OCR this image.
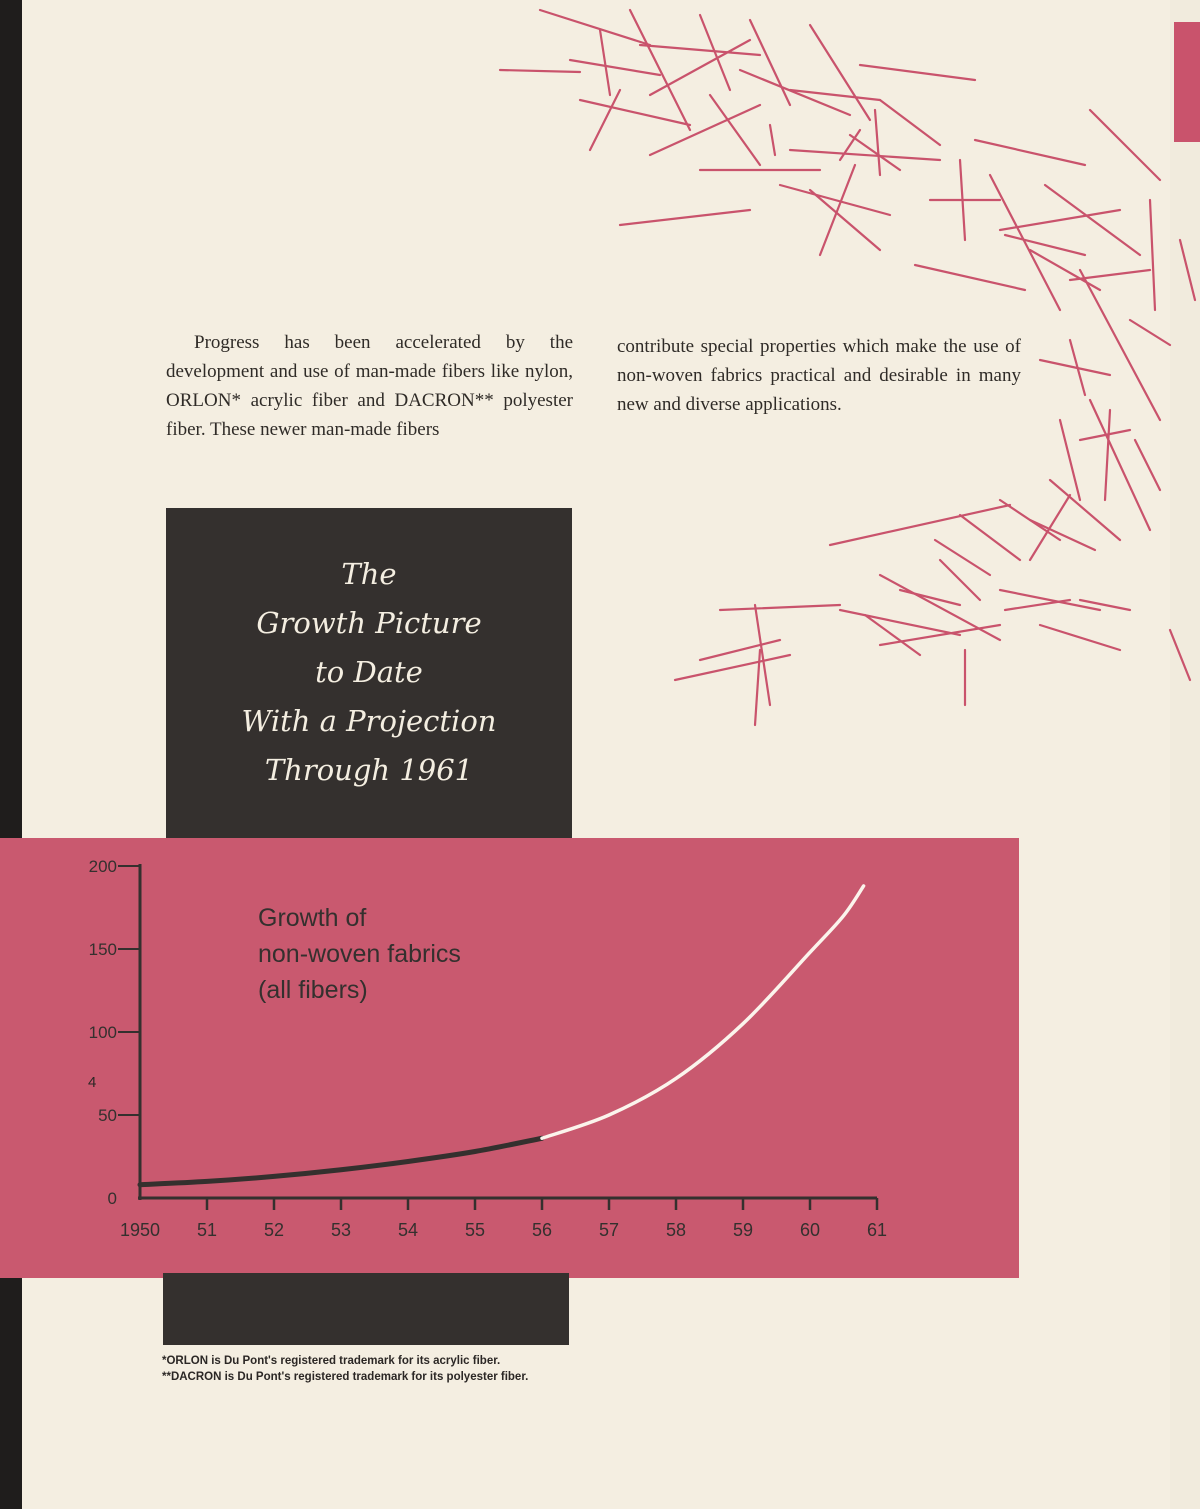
Progress has been accelerated by the development and use of man-made fibers like nylon, ORLON* acrylic fiber and DACRON** polyester fiber. These newer man-made fibers
contribute special properties which make the use of non-woven fabrics practical and desirable in many new and diverse applications.
The
Growth Picture
to Date
With a Projection
Through 1961
0
50
100
150
200
1950 51	52	53	54	55	56	57	58	59	60	61
Growth of
non-woven fabrics
(all fibers)
*ORLON is Du Pont's registered trademark for its acrylic fiber.
**DACRON is Du Pont's registered trademark for its polyester fiber.
4
